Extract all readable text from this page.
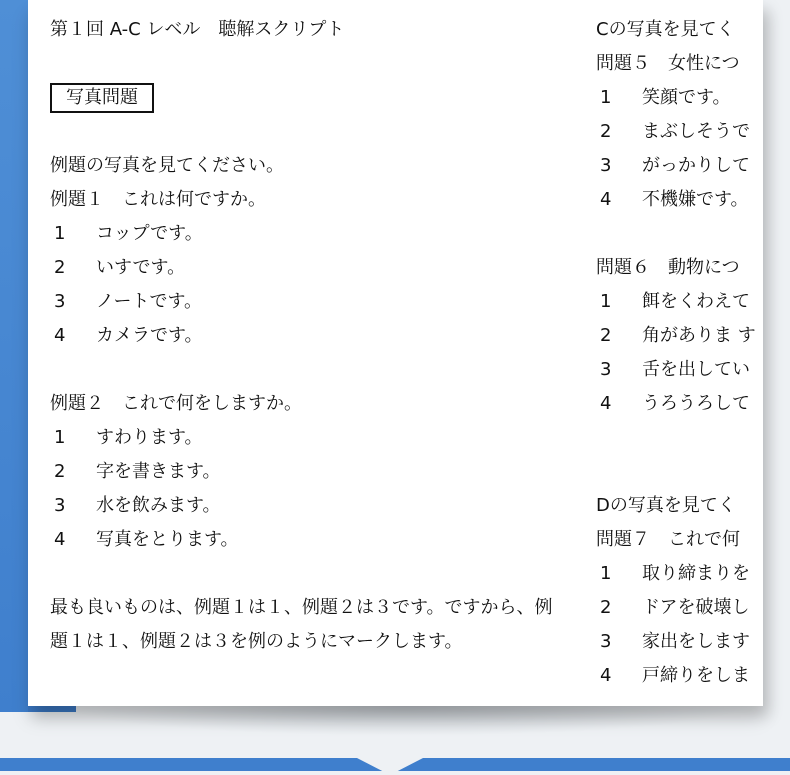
第１回 A-C レベル　聴解スクリプト
写真問題
例題の写真を見てください。
例題１　これは何ですか。
1 コップです。
2 いすです。
3 ノートです。
4 カメラです。
例題２　これで何をしますか。
1 すわります。
2 字を書きます。
3 水を飲みます。
4 写真をとります。
最も良いものは、例題１は１、例題２は３です。ですから、例題１は１、例題２は３を例のようにマークします。
Cの写真を見てく
問題５　女性につ
1 笑顔です。
2 まぶしそうで
3 がっかりして
4 不機嫌です。
問題６　動物につ
1 餌をくわえて
2 角がありま す
3 舌を出してい
4 うろうろして
Dの写真を見てく
問題７　これで何
1 取り締まりを
2 ドアを破壊し
3 家出をします
4 戸締りをしま
